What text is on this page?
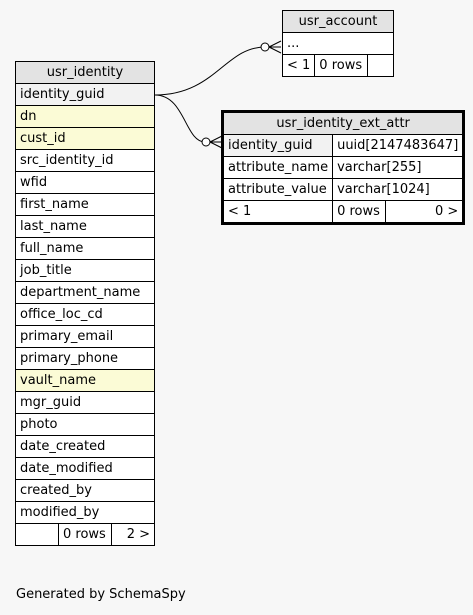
usr_account
...
< 1	0 rows	
usr_identity_ext_attr		
identity_guid	uuid[2147483647]	
attribute_name	varchar[255]	
attribute_value	varchar[1024]	
< 1	0 rows	0 >
usr_identity
identity_guid
dn
cust_id
src_identity_id
wfid
first_name
last_name
full_name
job_title
department_name
office_loc_cd
primary_email
primary_phone
vault_name
mgr_guid
photo
date_created
date_modified
created_by
modified_by
	0 rows	2 >
Generated by SchemaSpy
